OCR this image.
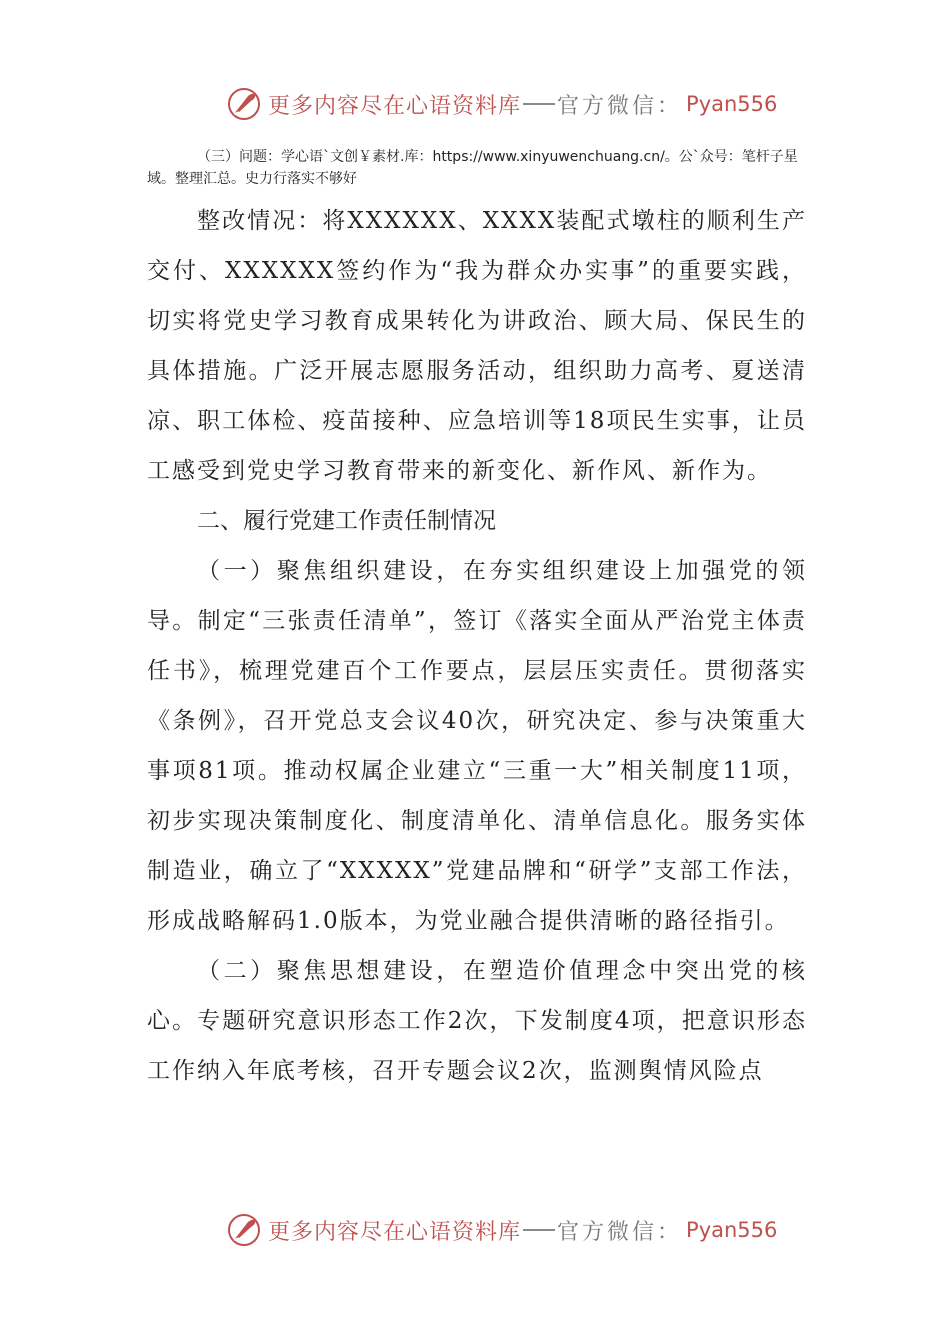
更多内容尽在心语资料库 官方微信： Pyan556

（三）问题：学心语`文创￥素材.库：https://www.xinyuwenchuang.cn/。公`众号：笔杆子星域。整理汇总。史力行落实不够好

整改情况：将XXXXXX、XXXX装配式墩柱的顺利生产交付、XXXXXX签约作为“我为群众办实事”的重要实践，切实将党史学习教育成果转化为讲政治、顾大局、保民生的具体措施。广泛开展志愿服务活动，组织助力高考、夏送清凉、职工体检、疫苗接种、应急培训等18项民生实事，让员工感受到党史学习教育带来的新变化、新作风、新作为。

二、履行党建工作责任制情况

（一）聚焦组织建设，在夯实组织建设上加强党的领导。制定“三张责任清单”，签订《落实全面从严治党主体责任书》，梳理党建百个工作要点，层层压实责任。贯彻落实《条例》，召开党总支会议40次，研究决定、参与决策重大事项81项。推动权属企业建立“三重一大”相关制度11项，初步实现决策制度化、制度清单化、清单信息化。服务实体制造业，确立了“XXXXX”党建品牌和“研学”支部工作法，形成战略解码1.0版本，为党业融合提供清晰的路径指引。

（二）聚焦思想建设，在塑造价值理念中突出党的核心。专题研究意识形态工作2次，下发制度4项，把意识形态工作纳入年底考核，召开专题会议2次，监测舆情风险点

更多内容尽在心语资料库 官方微信： Pyan556
